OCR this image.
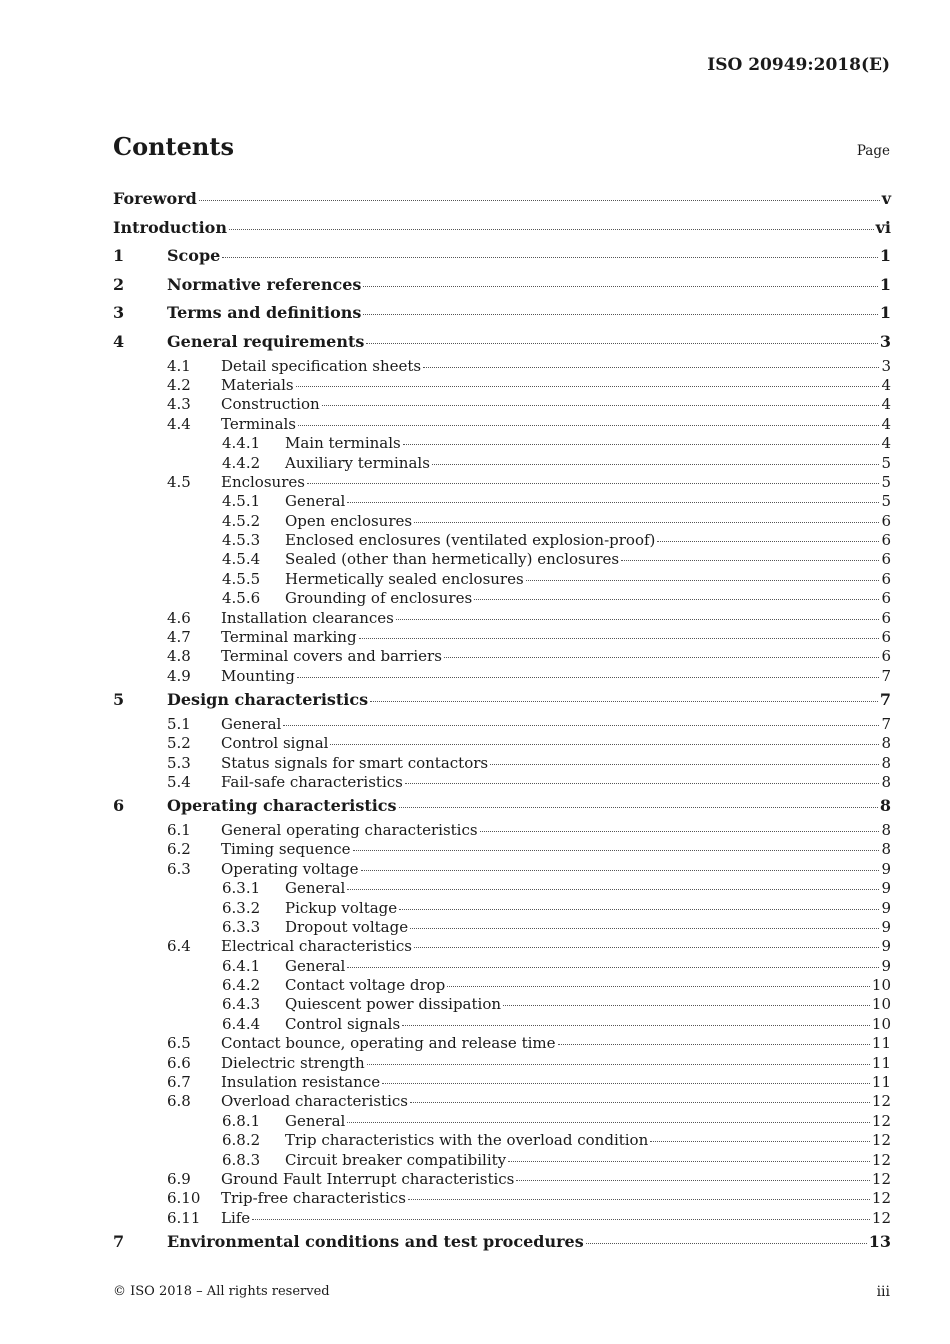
ISO 20949:2018(E)
Contents	Page
Foreword	v
Introduction	vi
1	Scope	1
2	Normative references	1
3	Terms and definitions	1
4	General requirements	3
4.1	Detail specification sheets	3
4.2	Materials	4
4.3	Construction	4
4.4	Terminals	4
4.4.1	Main terminals	4
4.4.2	Auxiliary terminals	5
4.5	Enclosures	5
4.5.1	General	5
4.5.2	Open enclosures	6
4.5.3	Enclosed enclosures (ventilated explosion-proof)	6
4.5.4	Sealed (other than hermetically) enclosures	6
4.5.5	Hermetically sealed enclosures	6
4.5.6	Grounding of enclosures	6
4.6	Installation clearances	6
4.7	Terminal marking	6
4.8	Terminal covers and barriers	6
4.9	Mounting	7
5	Design characteristics	7
5.1	General	7
5.2	Control signal	8
5.3	Status signals for smart contactors	8
5.4	Fail-safe characteristics	8
6	Operating characteristics	8
6.1	General operating characteristics	8
6.2	Timing sequence	8
6.3	Operating voltage	9
6.3.1	General	9
6.3.2	Pickup voltage	9
6.3.3	Dropout voltage	9
6.4	Electrical characteristics	9
6.4.1	General	9
6.4.2	Contact voltage drop	10
6.4.3	Quiescent power dissipation	10
6.4.4	Control signals	10
6.5	Contact bounce, operating and release time	11
6.6	Dielectric strength	11
6.7	Insulation resistance	11
6.8	Overload characteristics	12
6.8.1	General	12
6.8.2	Trip characteristics with the overload condition	12
6.8.3	Circuit breaker compatibility	12
6.9	Ground Fault Interrupt characteristics	12
6.10	Trip-free characteristics	12
6.11	Life	12
7	Environmental conditions and test procedures	13
© ISO 2018 – All rights reserved	iii
